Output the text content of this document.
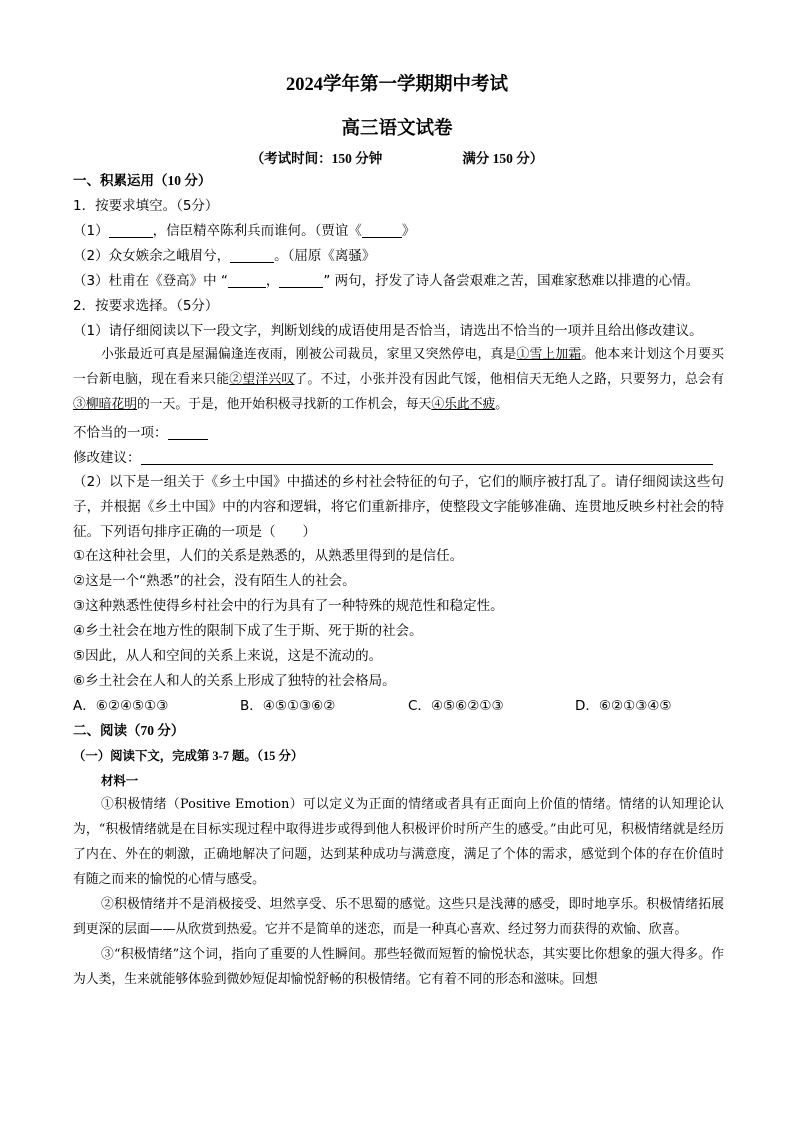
2024学年第一学期期中考试
高三语文试卷
（考试时间：150 分钟	满分 150 分）
一、积累运用（10 分）
1．按要求填空。（5分）
（1）	，信臣精卒陈利兵而谁何。（贾谊《	》
（2）众女嫉余之峨眉兮，	。（屈原《离骚》
（3）杜甫在《登高》中 “	，	” 两句，抒发了诗人备尝艰难之苦，国难家愁难以排遣的心情。
2．按要求选择。（5分）
（1）请仔细阅读以下一段文字，判断划线的成语使用是否恰当，请选出不恰当的一项并且给出修改建议。

小张最近可真是屋漏偏逢连夜雨，刚被公司裁员，家里又突然停电，真是①雪上加霜。他本来计划这个月要买一台新电脑，现在看来只能②望洋兴叹了。不过，小张并没有因此气馁，他相信天无绝人之路，只要努力，总会有③柳暗花明的一天。于是，他开始积极寻找新的工作机会，每天④乐此不疲。

不恰当的一项：
修改建议：

（2）以下是一组关于《乡土中国》中描述的乡村社会特征的句子，它们的顺序被打乱了。请仔细阅读这些句子，并根据《乡土中国》中的内容和逻辑，将它们重新排序，使整段文字能够准确、连贯地反映乡村社会的特征。下列语句排序正确的一项是（　　）

①在这种社会里，人们的关系是熟悉的，从熟悉里得到的是信任。
②这是一个“熟悉”的社会，没有陌生人的社会。
③这种熟悉性使得乡村社会中的行为具有了一种特殊的规范性和稳定性。
④乡土社会在地方性的限制下成了生于斯、死于斯的社会。
⑤因此，从人和空间的关系上来说，这是不流动的。
⑥乡土社会在人和人的关系上形成了独特的社会格局。
A．⑥②④⑤①③	B．④⑤①③⑥②	C．④⑤⑥②①③	D．⑥②①③④⑤
二、阅读（70 分）
（一）阅读下文，完成第 3-7 题。（15 分）
材料一

①积极情绪（Positive Emotion）可以定义为正面的情绪或者具有正面向上价值的情绪。情绪的认知理论认为，“积极情绪就是在目标实现过程中取得进步或得到他人积极评价时所产生的感受。”由此可见，积极情绪就是经历了内在、外在的刺激，正确地解决了问题，达到某种成功与满意度，满足了个体的需求，感觉到个体的存在价值时有随之而来的愉悦的心情与感受。

②积极情绪并不是消极接受、坦然享受、乐不思蜀的感觉。这些只是浅薄的感受，即时地享乐。积极情绪拓展到更深的层面——从欣赏到热爱。它并不是简单的迷恋，而是一种真心喜欢、经过努力而获得的欢愉、欣喜。

③“积极情绪”这个词，指向了重要的人性瞬间。那些轻微而短暂的愉悦状态，其实要比你想象的强大得多。作为人类，生来就能够体验到微妙短促却愉悦舒畅的积极情绪。它有着不同的形态和滋味。回想
